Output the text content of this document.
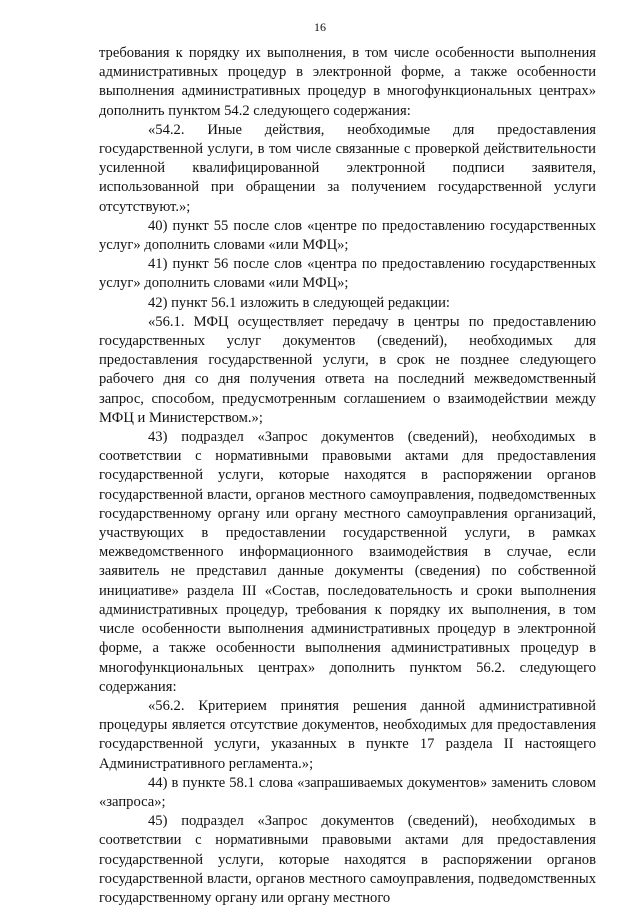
16

требования к порядку их выполнения, в том числе особенности выполнения административных процедур в электронной форме, а также особенности выполнения административных процедур в многофункциональных центрах» дополнить пунктом 54.2 следующего содержания:

«54.2. Иные действия, необходимые для предоставления государственной услуги, в том числе связанные с проверкой действительности усиленной квалифицированной электронной подписи заявителя, использованной при обращении за получением государственной услуги отсутствуют.»;

40) пункт 55 после слов «центре по предоставлению государственных услуг» дополнить словами «или МФЦ»;

41) пункт 56 после слов «центра по предоставлению государственных услуг» дополнить словами «или МФЦ»;

42) пункт 56.1 изложить в следующей редакции:

«56.1. МФЦ осуществляет передачу в центры по предоставлению государственных услуг документов (сведений), необходимых для предоставления государственной услуги, в срок не позднее следующего рабочего дня со дня получения ответа на последний межведомственный запрос, способом, предусмотренным соглашением о взаимодействии между МФЦ и Министерством.»;

43) подраздел «Запрос документов (сведений), необходимых в соответствии с нормативными правовыми актами для предоставления государственной услуги, которые находятся в распоряжении органов государственной власти, органов местного самоуправления, подведомственных государственному органу или органу местного самоуправления организаций, участвующих в предоставлении государственной услуги, в рамках межведомственного информационного взаимодействия в случае, если заявитель не представил данные документы (сведения) по собственной инициативе» раздела III «Состав, последовательность и сроки выполнения административных процедур, требования к порядку их выполнения, в том числе особенности выполнения административных процедур в электронной форме, а также особенности выполнения административных процедур в многофункциональных центрах» дополнить пунктом 56.2. следующего содержания:

«56.2. Критерием принятия решения данной административной процедуры является отсутствие документов, необходимых для предоставления государственной услуги, указанных в пункте 17 раздела II настоящего Административного регламента.»;

44) в пункте 58.1 слова «запрашиваемых документов» заменить словом «запроса»;

45) подраздел «Запрос документов (сведений), необходимых в соответствии с нормативными правовыми актами для предоставления государственной услуги, которые находятся в распоряжении органов государственной власти, органов местного самоуправления, подведомственных государственному органу или органу местного
